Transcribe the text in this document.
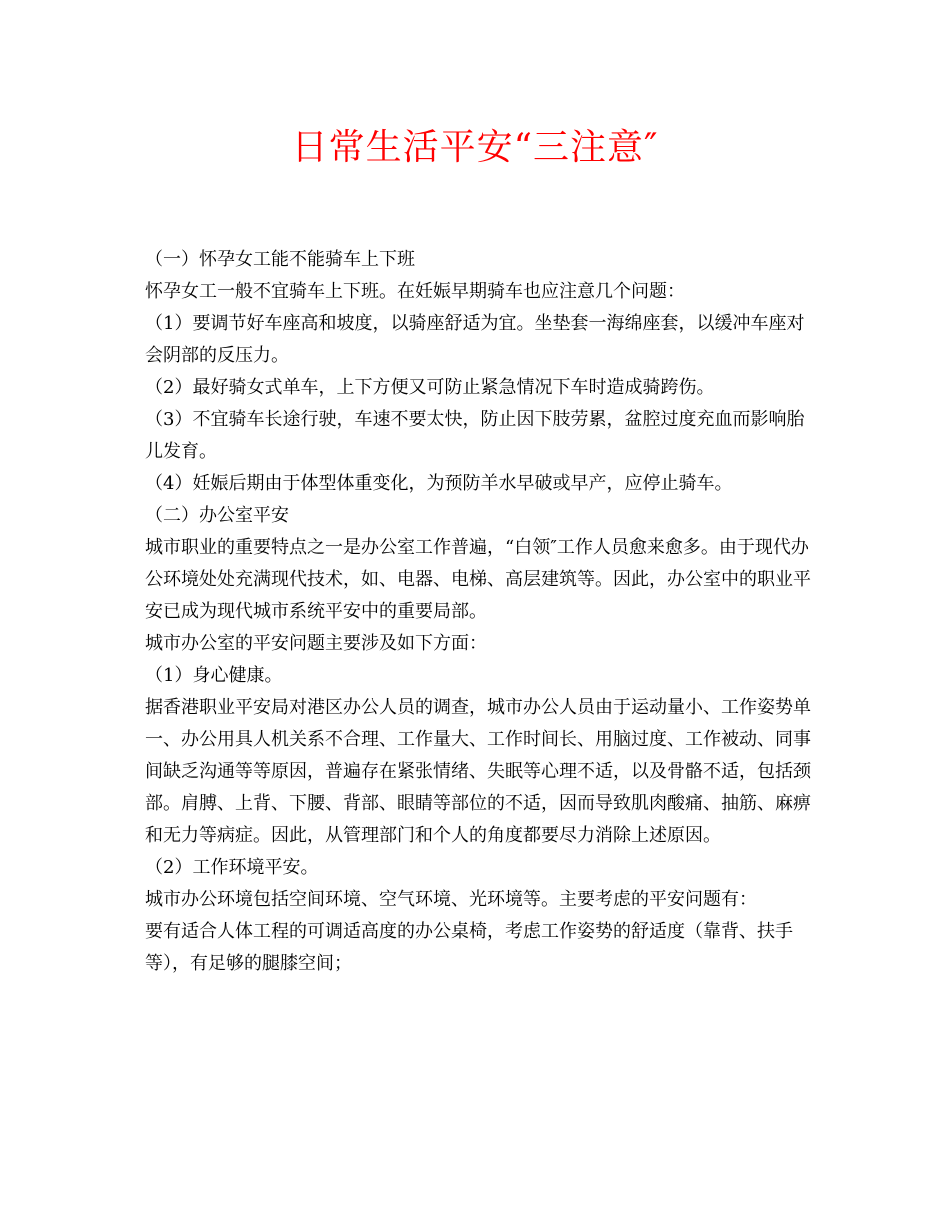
日常生活平安“三注意″

（一）怀孕女工能不能骑车上下班

怀孕女工一般不宜骑车上下班。在妊娠早期骑车也应注意几个问题：

（1）要调节好车座高和坡度，以骑座舒适为宜。坐垫套一海绵座套，以缓冲车座对会阴部的反压力。

（2）最好骑女式单车，上下方便又可防止紧急情况下车时造成骑跨伤。

（3）不宜骑车长途行驶，车速不要太快，防止因下肢劳累，盆腔过度充血而影响胎儿发育。

（4）妊娠后期由于体型体重变化，为预防羊水早破或早产，应停止骑车。

（二）办公室平安

城市职业的重要特点之一是办公室工作普遍，“白领″工作人员愈来愈多。由于现代办公环境处处充满现代技术，如、电器、电梯、高层建筑等。因此，办公室中的职业平安已成为现代城市系统平安中的重要局部。

城市办公室的平安问题主要涉及如下方面：

（1）身心健康。

据香港职业平安局对港区办公人员的调查，城市办公人员由于运动量小、工作姿势单一、办公用具人机关系不合理、工作量大、工作时间长、用脑过度、工作被动、同事间缺乏沟通等等原因，普遍存在紧张情绪、失眠等心理不适，以及骨骼不适，包括颈部。肩膊、上背、下腰、背部、眼睛等部位的不适，因而导致肌肉酸痛、抽筋、麻痹和无力等病症。因此，从管理部门和个人的角度都要尽力消除上述原因。

（2）工作环境平安。

城市办公环境包括空间环境、空气环境、光环境等。主要考虑的平安问题有：

要有适合人体工程的可调适高度的办公桌椅，考虑工作姿势的舒适度（靠背、扶手等），有足够的腿膝空间；
